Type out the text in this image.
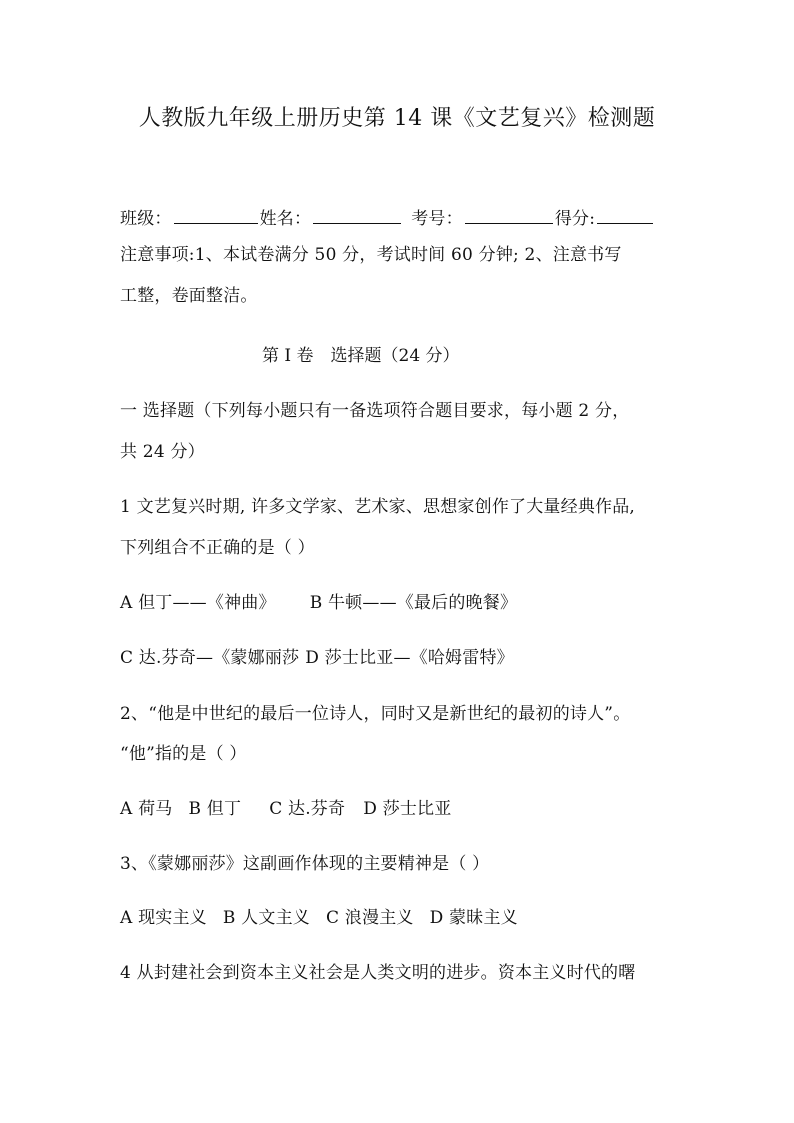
人教版九年级上册历史第 14 课《文艺复兴》检测题
班级：	姓名：	考号：	得分:
注意事项:1、本试卷满分 50 分，考试时间 60 分钟; 2、注意书写
工整，卷面整洁。
第 I 卷　选择题（24 分）
一 选择题（下列每小题只有一备选项符合题目要求，每小题 2 分，
共 24 分）
1 文艺复兴时期, 许多文学家、艺术家、思想家创作了大量经典作品,
下列组合不正确的是（ ）
A 但丁——《神曲》 B 牛顿——《最后的晚餐》
C 达.芬奇—《蒙娜丽莎 D 莎士比亚—《哈姆雷特》
2、“他是中世纪的最后一位诗人，同时又是新世纪的最初的诗人”。
“他”指的是（ ）
A 荷马 B 但丁 C 达.芬奇 D 莎士比亚
3、《蒙娜丽莎》这副画作体现的主要精神是（ ）
A 现实主义 B 人文主义 C 浪漫主义 D 蒙昧主义
4 从封建社会到资本主义社会是人类文明的进步。资本主义时代的曙
